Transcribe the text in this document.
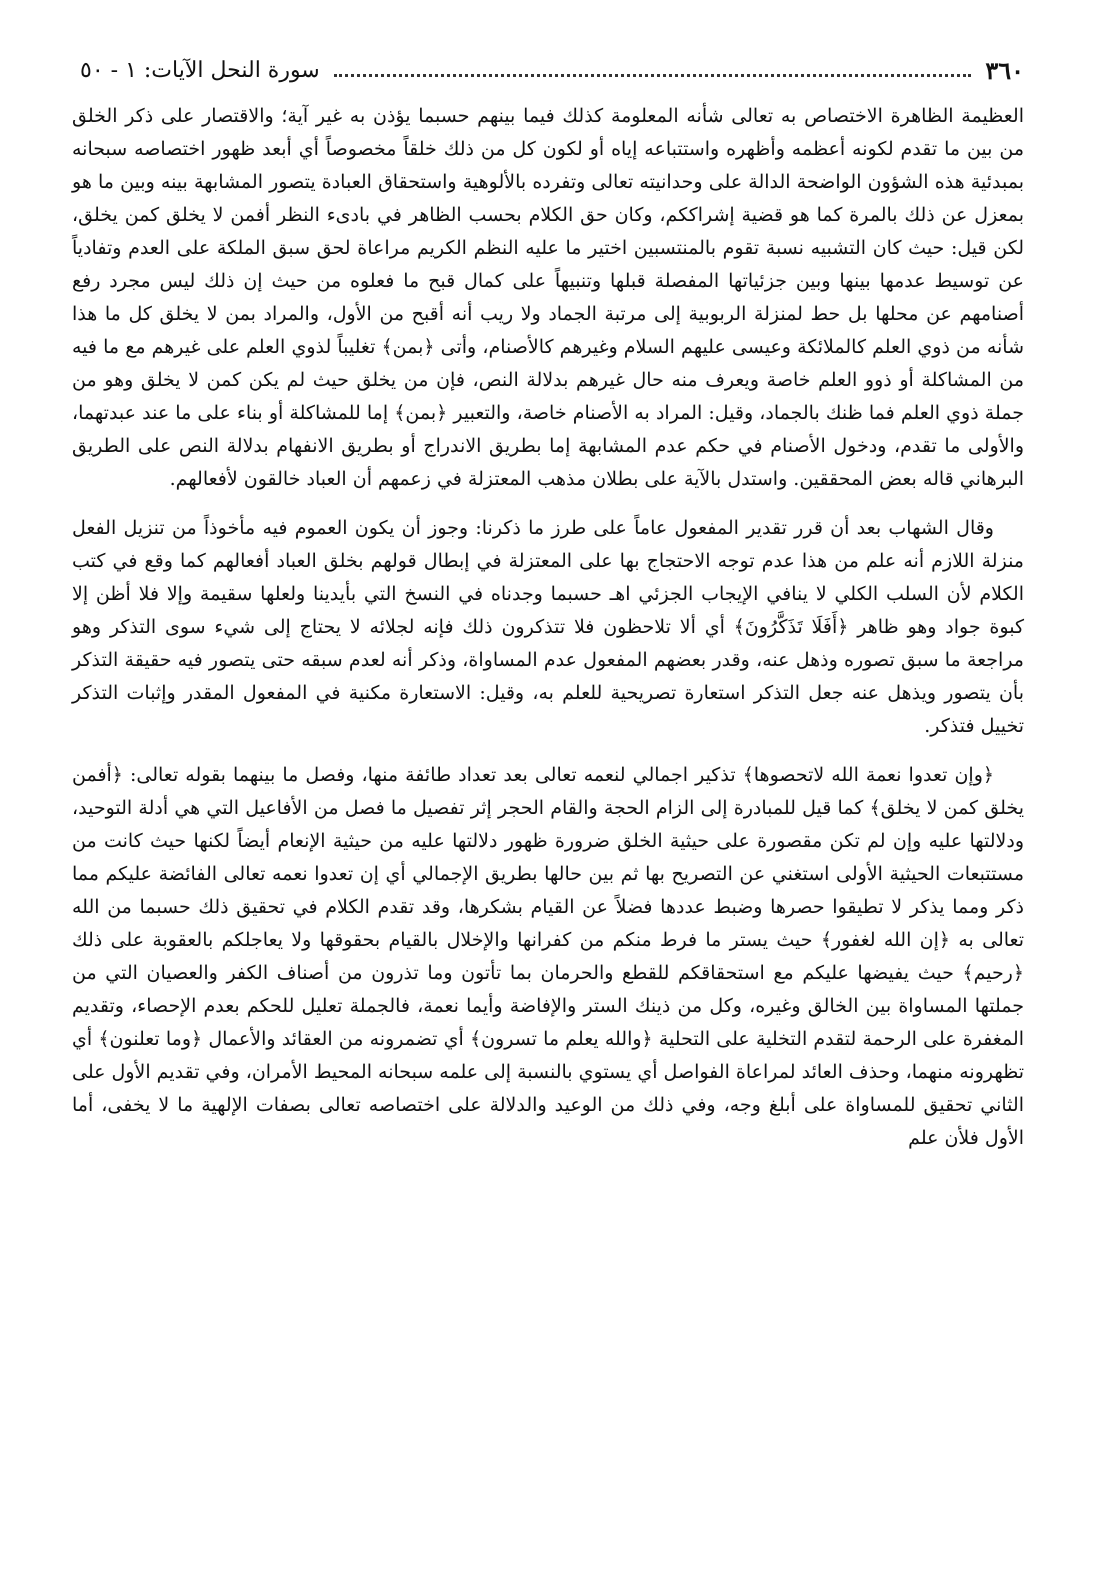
٣٦٠
سورة النحل الآيات: ١ - ٥٠

العظيمة الظاهرة الاختصاص به تعالى شأنه المعلومة كذلك فيما بينهم حسبما يؤذن به غير آية؛ والاقتصار على ذكر الخلق من بين ما تقدم لكونه أعظمه وأظهره واستتباعه إياه أو لكون كل من ذلك خلقاً مخصوصاً أي أبعد ظهور اختصاصه سبحانه بمبدئية هذه الشؤون الواضحة الدالة على وحدانيته تعالى وتفرده بالألوهية واستحقاق العبادة يتصور المشابهة بينه وبين ما هو بمعزل عن ذلك بالمرة كما هو قضية إشراككم، وكان حق الكلام بحسب الظاهر في بادىء النظر أفمن لا يخلق كمن يخلق، لكن قيل: حيث كان التشبيه نسبة تقوم بالمنتسبين اختير ما عليه النظم الكريم مراعاة لحق سبق الملكة على العدم وتفادياً عن توسيط عدمها بينها وبين جزئياتها المفصلة قبلها وتنبيهاً على كمال قبح ما فعلوه من حيث إن ذلك ليس مجرد رفع أصنامهم عن محلها بل حط لمنزلة الربوبية إلى مرتبة الجماد ولا ريب أنه أقبح من الأول، والمراد بمن لا يخلق كل ما هذا شأنه من ذوي العلم كالملائكة وعيسى عليهم السلام وغيرهم كالأصنام، وأتى ﴿بمن﴾ تغليباً لذوي العلم على غيرهم مع ما فيه من المشاكلة أو ذوو العلم خاصة ويعرف منه حال غيرهم بدلالة النص، فإن من يخلق حيث لم يكن كمن لا يخلق وهو من جملة ذوي العلم فما ظنك بالجماد، وقيل: المراد به الأصنام خاصة، والتعبير ﴿بمن﴾ إما للمشاكلة أو بناء على ما عند عبدتهما، والأولى ما تقدم، ودخول الأصنام في حكم عدم المشابهة إما بطريق الاندراج أو بطريق الانفهام بدلالة النص على الطريق البرهاني قاله بعض المحققين. واستدل بالآية على بطلان مذهب المعتزلة في زعمهم أن العباد خالقون لأفعالهم.

وقال الشهاب بعد أن قرر تقدير المفعول عاماً على طرز ما ذكرنا: وجوز أن يكون العموم فيه مأخوذاً من تنزيل الفعل منزلة اللازم أنه علم من هذا عدم توجه الاحتجاج بها على المعتزلة في إبطال قولهم بخلق العباد أفعالهم كما وقع في كتب الكلام لأن السلب الكلي لا ينافي الإيجاب الجزئي اهـ حسبما وجدناه في النسخ التي بأيدينا ولعلها سقيمة وإلا فلا أظن إلا كبوة جواد وهو ظاهر ﴿أَفَلَا تَذَكَّرُونَ﴾ أي ألا تلاحظون فلا تتذكرون ذلك فإنه لجلائه لا يحتاج إلى شيء سوى التذكر وهو مراجعة ما سبق تصوره وذهل عنه، وقدر بعضهم المفعول عدم المساواة، وذكر أنه لعدم سبقه حتى يتصور فيه حقيقة التذكر بأن يتصور ويذهل عنه جعل التذكر استعارة تصريحية للعلم به، وقيل: الاستعارة مكنية في المفعول المقدر وإثبات التذكر تخييل فتذكر.

﴿وإن تعدوا نعمة الله لاتحصوها﴾ تذكير اجمالي لنعمه تعالى بعد تعداد طائفة منها، وفصل ما بينهما بقوله تعالى: ﴿أفمن يخلق كمن لا يخلق﴾ كما قيل للمبادرة إلى الزام الحجة والقام الحجر إثر تفصيل ما فصل من الأفاعيل التي هي أدلة التوحيد، ودلالتها عليه وإن لم تكن مقصورة على حيثية الخلق ضرورة ظهور دلالتها عليه من حيثية الإنعام أيضاً لكنها حيث كانت من مستتبعات الحيثية الأولى استغني عن التصريح بها ثم بين حالها بطريق الإجمالي أي إن تعدوا نعمه تعالى الفائضة عليكم مما ذكر ومما يذكر لا تطيقوا حصرها وضبط عددها فضلاً عن القيام بشكرها، وقد تقدم الكلام في تحقيق ذلك حسبما من الله تعالى به ﴿إن الله لغفور﴾ حيث يستر ما فرط منكم من كفرانها والإخلال بالقيام بحقوقها ولا يعاجلكم بالعقوبة على ذلك ﴿رحيم﴾ حيث يفيضها عليكم مع استحقاقكم للقطع والحرمان بما تأتون وما تذرون من أصناف الكفر والعصيان التي من جملتها المساواة بين الخالق وغيره، وكل من ذينك الستر والإفاضة وأيما نعمة، فالجملة تعليل للحكم بعدم الإحصاء، وتقديم المغفرة على الرحمة لتقدم التخلية على التحلية ﴿والله يعلم ما تسرون﴾ أي تضمرونه من العقائد والأعمال ﴿وما تعلنون﴾ أي تظهرونه منهما، وحذف العائد لمراعاة الفواصل أي يستوي بالنسبة إلى علمه سبحانه المحيط الأمران، وفي تقديم الأول على الثاني تحقيق للمساواة على أبلغ وجه، وفي ذلك من الوعيد والدلالة على اختصاصه تعالى بصفات الإلهية ما لا يخفى، أما الأول فلأن علم
